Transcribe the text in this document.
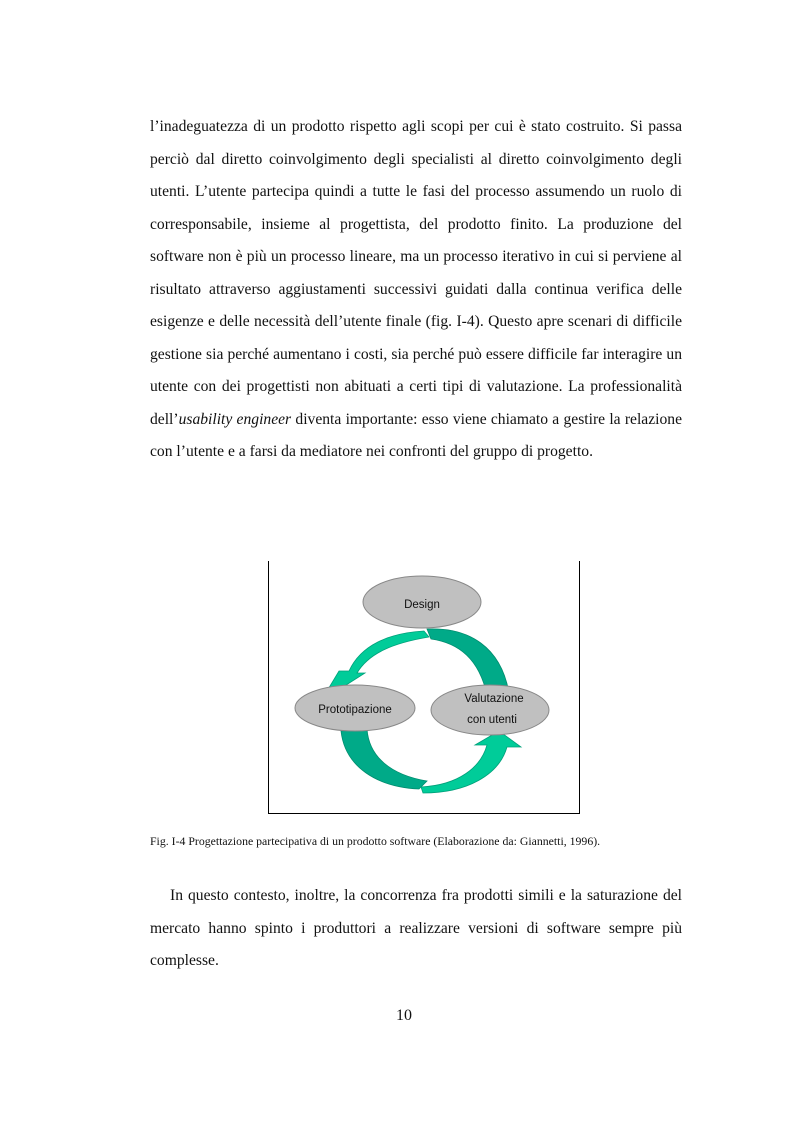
l’inadeguatezza di un prodotto rispetto agli scopi per cui è stato costruito. Si passa perciò dal diretto coinvolgimento degli specialisti al diretto coinvolgimento degli utenti. L’utente partecipa quindi a tutte le fasi del processo assumendo un ruolo di corresponsabile, insieme al progettista, del prodotto finito. La produzione del software non è più un processo lineare, ma un processo iterativo in cui si perviene al risultato attraverso aggiustamenti successivi guidati dalla continua verifica delle esigenze e delle necessità dell’utente finale (fig. I-4). Questo apre scenari di difficile gestione sia perché aumentano i costi, sia perché può essere difficile far interagire un utente con dei progettisti non abituati a certi tipi di valutazione. La professionalità dell’usability engineer diventa importante: esso viene chiamato a gestire la relazione con l’utente e a farsi da mediatore nei confronti del gruppo di progetto.

Design
Prototipazione
Valutazione
con utenti

Fig. I-4 Progettazione partecipativa di un prodotto software (Elaborazione da: Giannetti, 1996).

In questo contesto, inoltre, la concorrenza fra prodotti simili e la saturazione del mercato hanno spinto i produttori a realizzare versioni di software sempre più complesse.

10
